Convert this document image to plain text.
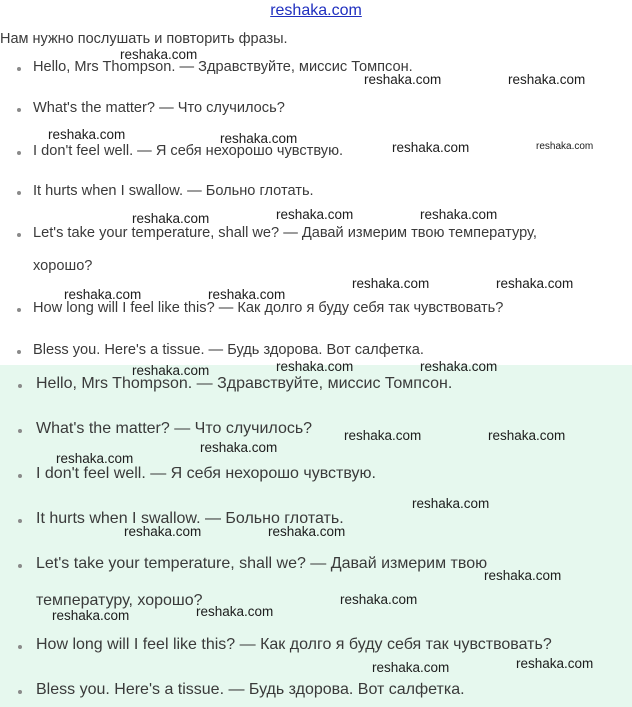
reshaka.com
Нам нужно послушать и повторить фразы.
Hello, Mrs Thompson. — Здравствуйте, миссис Томпсон.
What's the matter? — Что случилось?
I don't feel well. — Я себя нехорошо чувствую.
It hurts when I swallow. — Больно глотать.
Let's take your temperature, shall we? — Давай измерим твою температуру,
хорошо?
How long will I feel like this? — Как долго я буду себя так чувствовать?
Bless you. Here's a tissue. — Будь здорова. Вот салфетка.
Hello, Mrs Thompson. — Здравствуйте, миссис Томпсон.
What's the matter? — Что случилось?
I don't feel well. — Я себя нехорошо чувствую.
It hurts when I swallow. — Больно глотать.
Let's take your temperature, shall we? — Давай измерим твою
температуру, хорошо?
How long will I feel like this? — Как долго я буду себя так чувствовать?
Bless you. Here's a tissue. — Будь здорова. Вот салфетка.
reshaka.com
reshaka.com	reshaka.com
reshaka.com	reshaka.com
reshaka.com	reshaka.com
reshaka.com	reshaka.com	reshaka.com
reshaka.com	reshaka.com
reshaka.com	reshaka.com
reshaka.com	reshaka.com	reshaka.com
reshaka.com	reshaka.com
reshaka.com
reshaka.com
reshaka.com
reshaka.com	reshaka.com
reshaka.com
reshaka.com
reshaka.com
reshaka.com
reshaka.com
reshaka.com
